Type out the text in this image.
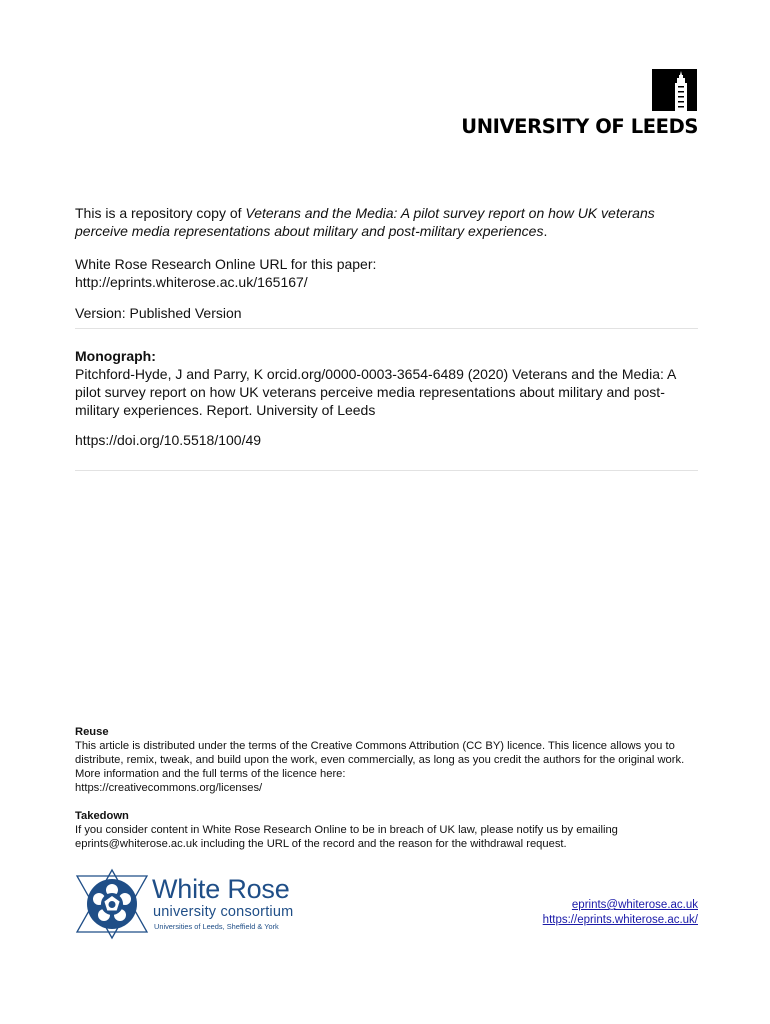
UNIVERSITY OF LEEDS
This is a repository copy of Veterans and the Media: A pilot survey report on how UK veterans perceive media representations about military and post-military experiences.
White Rose Research Online URL for this paper:
http://eprints.whiterose.ac.uk/165167/
Version: Published Version
Monograph:
Pitchford-Hyde, J and Parry, K orcid.org/0000-0003-3654-6489 (2020) Veterans and the Media: A pilot survey report on how UK veterans perceive media representations about military and post-military experiences. Report. University of Leeds
https://doi.org/10.5518/100/49
Reuse
This article is distributed under the terms of the Creative Commons Attribution (CC BY) licence. This licence allows you to distribute, remix, tweak, and build upon the work, even commercially, as long as you credit the authors for the original work. More information and the full terms of the licence here:
https://creativecommons.org/licenses/
Takedown
If you consider content in White Rose Research Online to be in breach of UK law, please notify us by emailing eprints@whiterose.ac.uk including the URL of the record and the reason for the withdrawal request.
White Rose
university consortium
Universities of Leeds, Sheffield & York
eprints@whiterose.ac.uk
https://eprints.whiterose.ac.uk/
